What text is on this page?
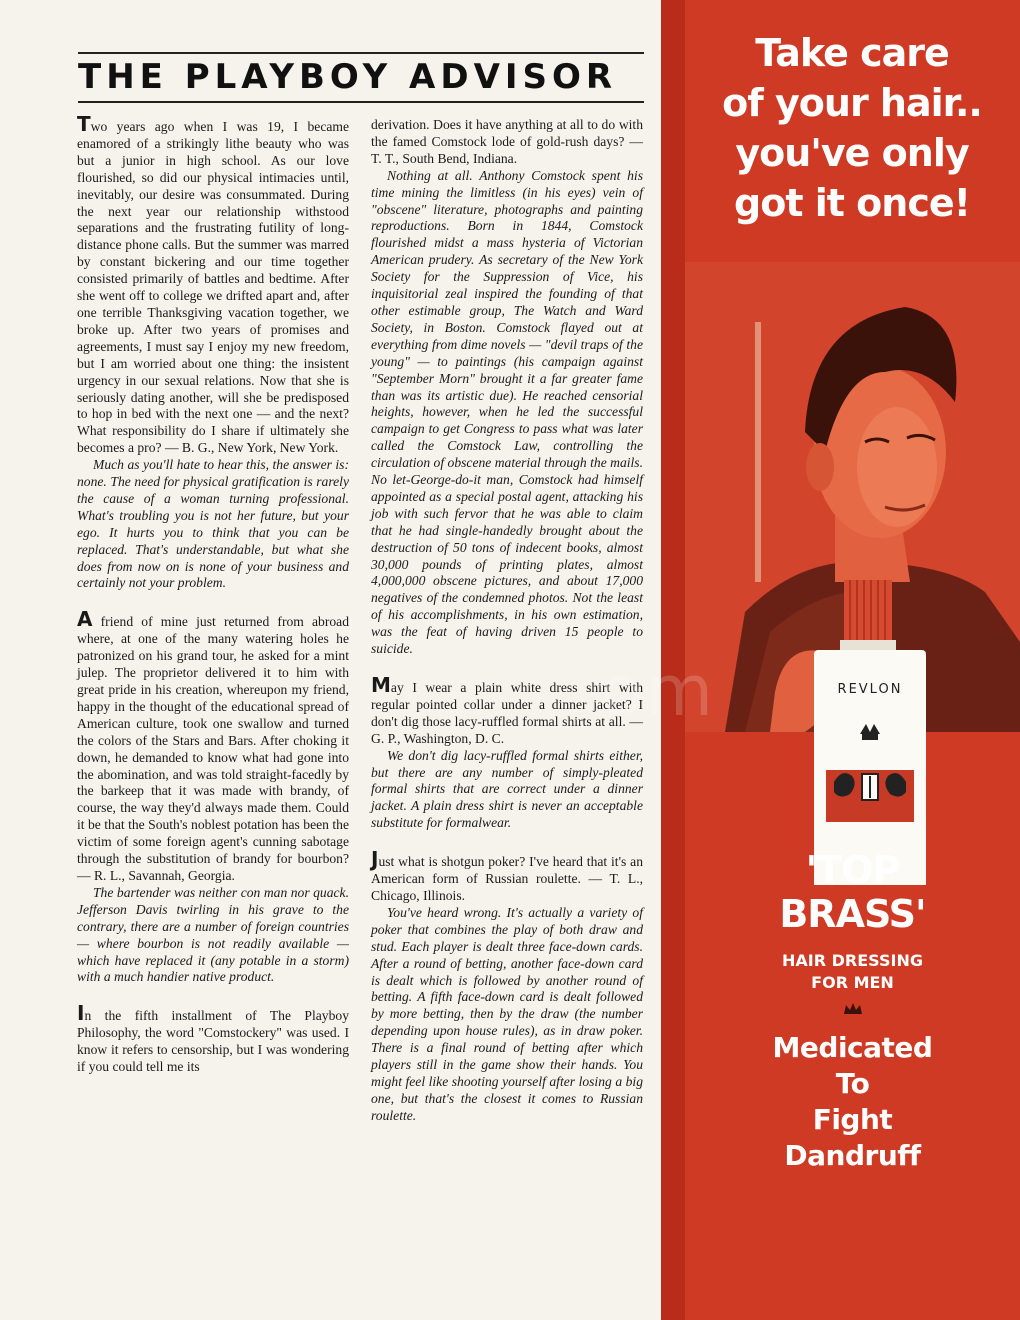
THE PLAYBOY ADVISOR

Two years ago when I was 19, I became enamored of a strikingly lithe beauty who was but a junior in high school. As our love flourished, so did our physical intimacies until, inevitably, our desire was consummated. During the next year our relationship withstood separations and the frustrating futility of long-distance phone calls. But the summer was marred by constant bickering and our time together consisted primarily of battles and bedtime. After she went off to college we drifted apart and, after one terrible Thanksgiving vacation together, we broke up. After two years of promises and agreements, I must say I enjoy my new freedom, but I am worried about one thing: the insistent urgency in our sexual relations. Now that she is seriously dating another, will she be predisposed to hop in bed with the next one — and the next? What responsibility do I share if ultimately she becomes a pro? — B. G., New York, New York.

Much as you'll hate to hear this, the answer is: none. The need for physical gratification is rarely the cause of a woman turning professional. What's troubling you is not her future, but your ego. It hurts you to think that you can be replaced. That's understandable, but what she does from now on is none of your business and certainly not your problem.

A friend of mine just returned from abroad where, at one of the many watering holes he patronized on his grand tour, he asked for a mint julep. The proprietor delivered it to him with great pride in his creation, whereupon my friend, happy in the thought of the educational spread of American culture, took one swallow and turned the colors of the Stars and Bars. After choking it down, he demanded to know what had gone into the abomination, and was told straight-facedly by the barkeep that it was made with brandy, of course, the way they'd always made them. Could it be that the South's noblest potation has been the victim of some foreign agent's cunning sabotage through the substitution of brandy for bourbon? — R. L., Savannah, Georgia.

The bartender was neither con man nor quack. Jefferson Davis twirling in his grave to the contrary, there are a number of foreign countries — where bourbon is not readily available — which have replaced it (any potable in a storm) with a much handier native product.

In the fifth installment of The Playboy Philosophy, the word "Comstockery" was used. I know it refers to censorship, but I was wondering if you could tell me its

derivation. Does it have anything at all to do with the famed Comstock lode of gold-rush days? — T. T., South Bend, Indiana.

Nothing at all. Anthony Comstock spent his time mining the limitless (in his eyes) vein of "obscene" literature, photographs and painting reproductions. Born in 1844, Comstock flourished midst a mass hysteria of Victorian American prudery. As secretary of the New York Society for the Suppression of Vice, his inquisitorial zeal inspired the founding of that other estimable group, The Watch and Ward Society, in Boston. Comstock flayed out at everything from dime novels — "devil traps of the young" — to paintings (his campaign against "September Morn" brought it a far greater fame than was its artistic due). He reached censorial heights, however, when he led the successful campaign to get Congress to pass what was later called the Comstock Law, controlling the circulation of obscene material through the mails. No let-George-do-it man, Comstock had himself appointed as a special postal agent, attacking his job with such fervor that he was able to claim that he had single-handedly brought about the destruction of 50 tons of indecent books, almost 30,000 pounds of printing plates, almost 4,000,000 obscene pictures, and about 17,000 negatives of the condemned photos. Not the least of his accomplishments, in his own estimation, was the feat of having driven 15 people to suicide.

May I wear a plain white dress shirt with regular pointed collar under a dinner jacket? I don't dig those lacy-ruffled formal shirts at all. — G. P., Washington, D. C.

We don't dig lacy-ruffled formal shirts either, but there are any number of simply-pleated formal shirts that are correct under a dinner jacket. A plain dress shirt is never an acceptable substitute for formalwear.

Just what is shotgun poker? I've heard that it's an American form of Russian roulette. — T. L., Chicago, Illinois.

You've heard wrong. It's actually a variety of poker that combines the play of both draw and stud. Each player is dealt three face-down cards. After a round of betting, another face-down card is dealt which is followed by another round of betting. A fifth face-down card is dealt followed by more betting, then by the draw (the number depending upon house rules), as in draw poker. There is a final round of betting after which players still in the game show their hands. You might feel like shooting yourself after losing a big one, but that's the closest it comes to Russian roulette.

Take care
of your hair..
you've only
got it once!
REVLON
'TOP
BRASS'
HAIR DRESSING
FOR MEN
Medicated
To
Fight
Dandruff
om
